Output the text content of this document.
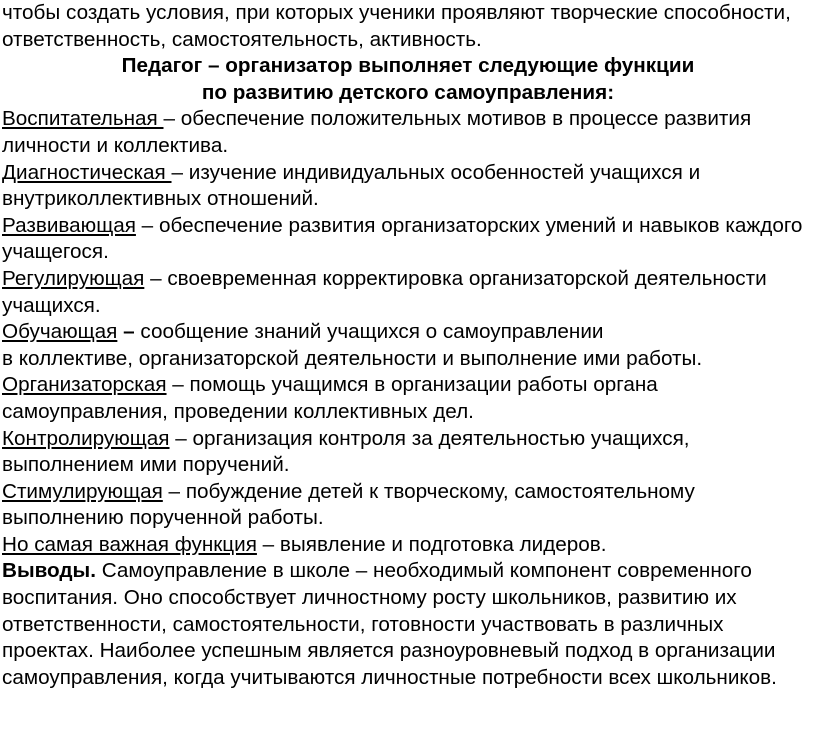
чтобы создать условия, при которых ученики проявляют творческие способности, ответственность, самостоятельность, активность.

Педагог – организатор выполняет следующие функции
по развитию детского самоуправления:

Воспитательная – обеспечение положительных мотивов в процессе развития личности и коллектива.

Диагностическая – изучение индивидуальных особенностей учащихся и внутриколлективных отношений.

Развивающая – обеспечение развития организаторских умений и навыков каждого учащегося.

Регулирующая – своевременная корректировка организаторской деятельности учащихся.

Обучающая – сообщение знаний учащихся о самоуправлении
в коллективе, организаторской деятельности и выполнение ими работы.

Организаторская – помощь учащимся в организации работы органа самоуправления, проведении коллективных дел.

Контролирующая – организация контроля за деятельностью учащихся, выполнением ими поручений.

Стимулирующая – побуждение детей к творческому, самостоятельному выполнению порученной работы.

Но самая важная функция – выявление и подготовка лидеров.

Выводы. Самоуправление в школе – необходимый компонент современного воспитания. Оно способствует личностному росту школьников, развитию их ответственности, самостоятельности, готовности участвовать в различных проектах. Наиболее успешным является разноуровневый подход в организации самоуправления, когда учитываются личностные потребности всех школьников.
